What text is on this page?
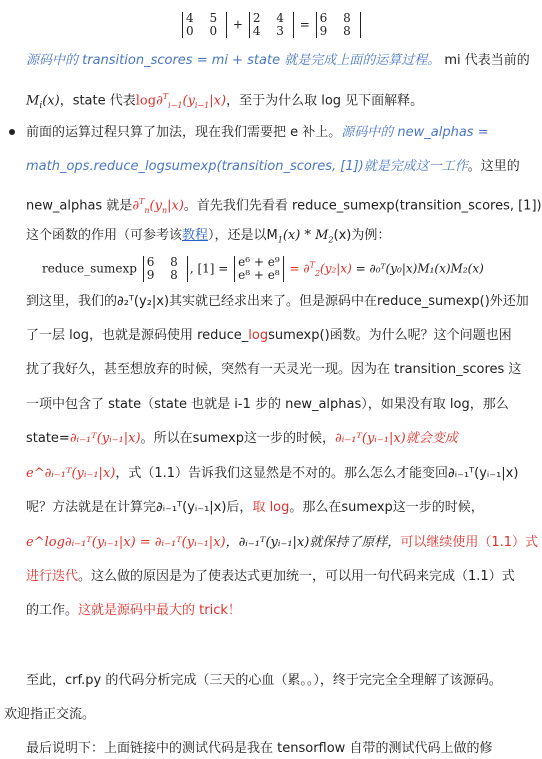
4 5
0 0 + 2 4
4 3 = 6 8
9 8
源码中的 transition_scores = mi + state 就是完成上面的运算过程。 mi 代表当前的
$M_i(x)$，state 代表$\log\partial^T_{i-1}(y_{i-1}|x)$，至于为什么取 log 见下面解释。
前面的运算过程只算了加法，现在我们需要把 e 补上。源码中的 new_alphas =
math_ops.reduce_logsumexp(transition_scores, [1])就是完成这一工作。这里的
new_alphas 就是$\partial^T_n(y_n|x)$。首先我们先看看 reduce_sumexp(transition_scores, [1])
这个函数的作用（可参考该教程），还是以$M_1(x) * M_2(x)$为例：
reduce_sumexp 6 8
9 8 , [1] = e⁶ + e⁹
e⁸ + e⁸ = ∂$^T_2$(y₂|x) = ∂₀ᵀ(y₀|x)M₁(x)M₂(x)
到这里，我们的∂₂ᵀ(y₂|x)其实就已经求出来了。但是源码中在reduce_sumexp()外还加
了一层 log，也就是源码使用 reduce_logsumexp()函数。为什么呢？这个问题也困
扰了我好久，甚至想放弃的时候，突然有一天灵光一现。因为在 transition_scores 这
一项中包含了 state（state 也就是 i-1 步的 new_alphas），如果没有取 log，那么
state=∂ᵢ₋₁ᵀ(yᵢ₋₁|x)。所以在sumexp这一步的时候，∂ᵢ₋₁ᵀ(yᵢ₋₁|x)就会变成
e^∂ᵢ₋₁ᵀ(yᵢ₋₁|x)，式（1.1）告诉我们这显然是不对的。那么怎么才能变回∂ᵢ₋₁ᵀ(yᵢ₋₁|x)
呢？方法就是在计算完∂ᵢ₋₁ᵀ(yᵢ₋₁|x)后，取 log。那么在sumexp这一步的时候，
e^log∂ᵢ₋₁ᵀ(yᵢ₋₁|x) = ∂ᵢ₋₁ᵀ(yᵢ₋₁|x)，∂ᵢ₋₁ᵀ(yᵢ₋₁|x)就保持了原样，可以继续使用（1.1）式
进行迭代。这么做的原因是为了使表达式更加统一，可以用一句代码来完成（1.1）式
的工作。这就是源码中最大的 trick！
至此，crf.py 的代码分析完成（三天的心血（累。。），终于完完全全理解了该源码。
欢迎指正交流。
最后说明下：上面链接中的测试代码是我在 tensorflow 自带的测试代码上做的修
